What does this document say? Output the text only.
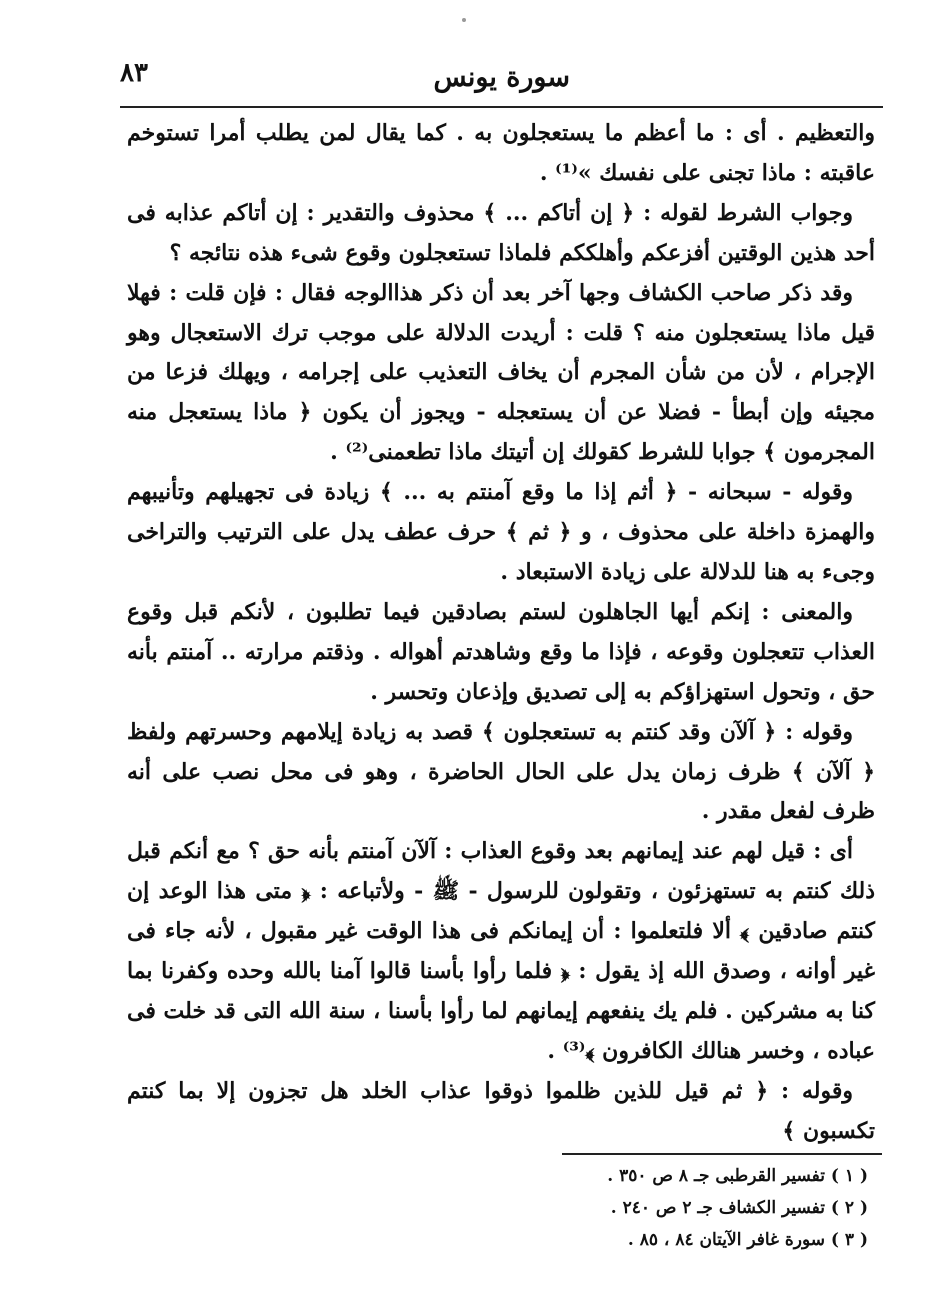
سورة يونس
٨٣

والتعظيم . أى : ما أعظم ما يستعجلون به . كما يقال لمن يطلب أمرا تستوخم عاقبته : ماذا تجنى على نفسك »⁽¹⁾ .

وجواب الشرط لقوله : ﴿ إن أتاكم ... ﴾ محذوف والتقدير : إن أتاكم عذابه فى أحد هذين الوقتين أفزعكم وأهلككم فلماذا تستعجلون وقوع شىء هذه نتائجه ؟

وقد ذكر صاحب الكشاف وجها آخر بعد أن ذكر هذاالوجه فقال : فإن قلت : فهلا قيل ماذا يستعجلون منه ؟ قلت : أريدت الدلالة على موجب ترك الاستعجال وهو الإجرام ، لأن من شأن المجرم أن يخاف التعذيب على إجرامه ، ويهلك فزعا من مجيئه وإن أبطأ - فضلا عن أن يستعجله - ويجوز أن يكون ﴿ ماذا يستعجل منه المجرمون ﴾ جوابا للشرط كقولك إن أتيتك ماذا تطعمنى⁽²⁾ .

وقوله - سبحانه - ﴿ أثم إذا ما وقع آمنتم به ... ﴾ زيادة فى تجهيلهم وتأنيبهم والهمزة داخلة على محذوف ، و ﴿ ثم ﴾ حرف عطف يدل على الترتيب والتراخى وجىء به هنا للدلالة على زيادة الاستبعاد .

والمعنى : إنكم أيها الجاهلون لستم بصادقين فيما تطلبون ، لأنكم قبل وقوع العذاب تتعجلون وقوعه ، فإذا ما وقع وشاهدتم أهواله . وذقتم مرارته .. آمنتم بأنه حق ، وتحول استهزاؤكم به إلى تصديق وإذعان وتحسر .

وقوله : ﴿ آلآن وقد كنتم به تستعجلون ﴾ قصد به زيادة إيلامهم وحسرتهم ولفظ ﴿ آلآن ﴾ ظرف زمان يدل على الحال الحاضرة ، وهو فى محل نصب على أنه ظرف لفعل مقدر .

أى : قيل لهم عند إيمانهم بعد وقوع العذاب : آلآن آمنتم بأنه حق ؟ مع أنكم قبل ذلك كنتم به تستهزئون ، وتقولون للرسول - ﷺ - ولأتباعه : ﴿ متى هذا الوعد إن كنتم صادقين ﴾ ألا فلتعلموا : أن إيمانكم فى هذا الوقت غير مقبول ، لأنه جاء فى غير أوانه ، وصدق الله إذ يقول : ﴿ فلما رأوا بأسنا قالوا آمنا بالله وحده وكفرنا بما كنا به مشركين . فلم يك ينفعهم إيمانهم لما رأوا بأسنا ، سنة الله التى قد خلت فى عباده ، وخسر هنالك الكافرون ﴾⁽³⁾ .

وقوله : ﴿ ثم قيل للذين ظلموا ذوقوا عذاب الخلد هل تجزون إلا بما كنتم تكسبون ﴾

( ١ ) تفسير القرطبى جـ ٨ ص ٣٥٠ .
( ٢ ) تفسير الكشاف جـ ٢ ص ٢٤٠ .
( ٣ ) سورة غافر الآيتان ٨٤ ، ٨٥ .
